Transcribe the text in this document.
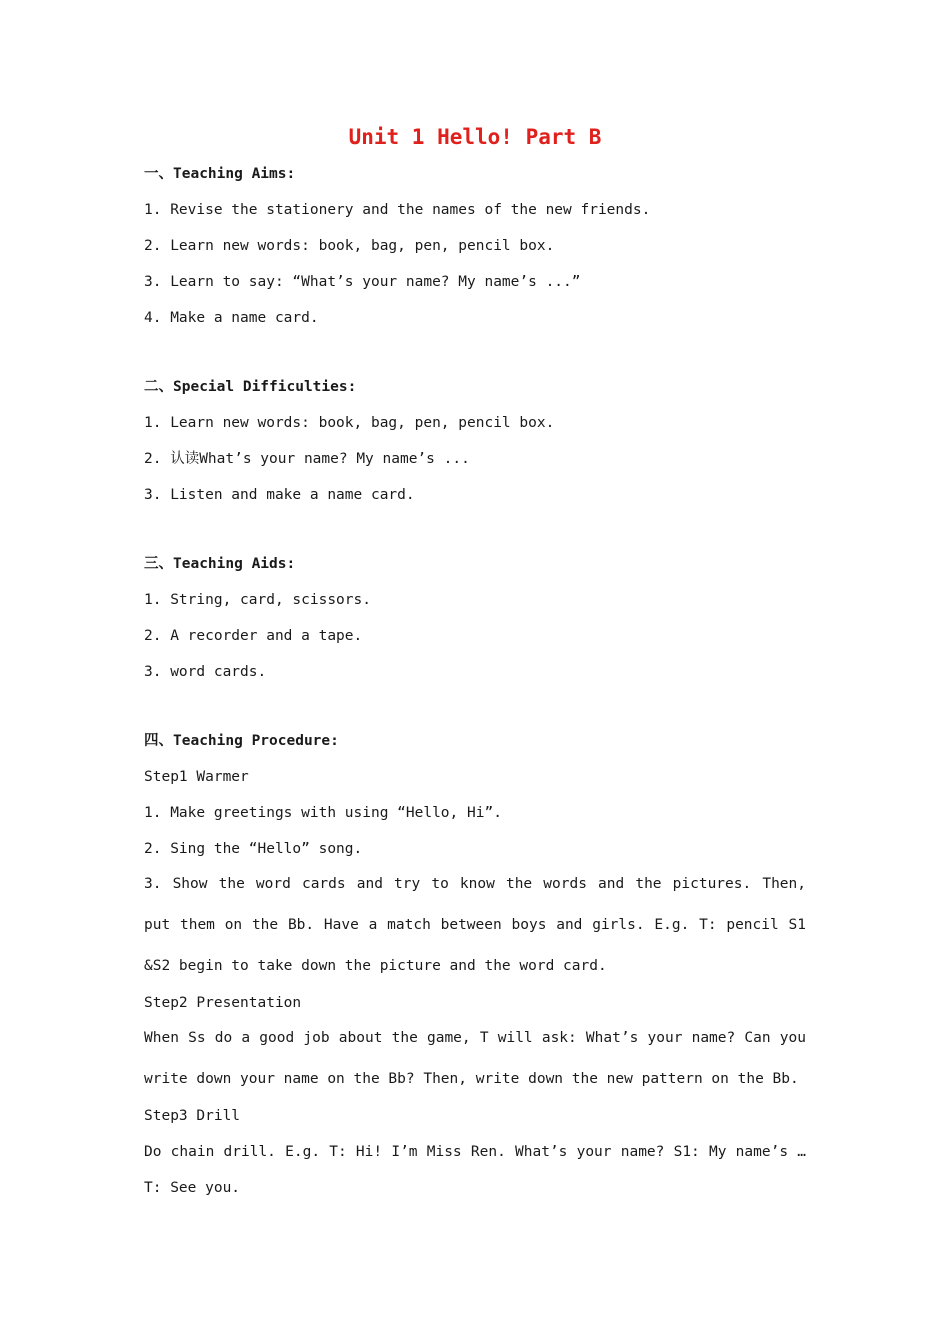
Unit 1 Hello! Part B
一、Teaching Aims:
1. Revise the stationery and the names of the new friends.
2. Learn new words: book, bag, pen, pencil box.
3. Learn to say: “What’s your name? My name’s ...”
4. Make a name card.
二、Special Difficulties:
1. Learn new words: book, bag, pen, pencil box.
2. 认读What’s your name? My name’s ...
3. Listen and make a name card.
三、Teaching Aids:
1. String, card, scissors.
2. A recorder and a tape.
3. word cards.
四、Teaching Procedure:
Step1 Warmer
1. Make greetings with using “Hello, Hi”.
2. Sing the “Hello” song.
3. Show the word cards and try to know the words and the pictures. Then, put them on the Bb. Have a match between boys and girls. E.g. T: pencil S1 &S2 begin to take down the picture and the word card.
Step2 Presentation
When Ss do a good job about the game, T will ask: What’s your name? Can you write down your name on the Bb? Then, write down the new pattern on the Bb.
Step3 Drill
Do chain drill. E.g. T: Hi! I’m Miss Ren. What’s your name? S1: My name’s … T: See you.
